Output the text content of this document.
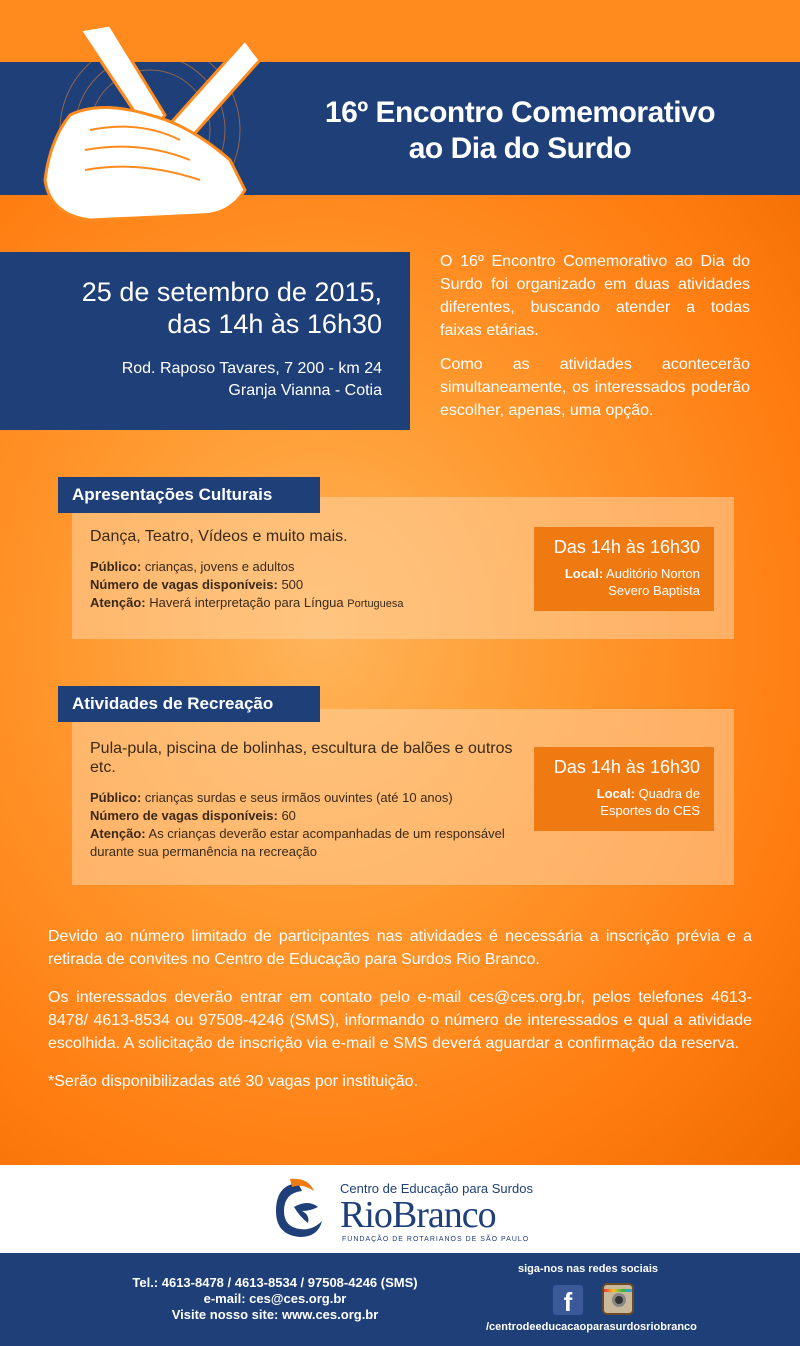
16º Encontro Comemorativo
ao Dia do Surdo
25 de setembro de 2015,
das 14h às 16h30
Rod. Raposo Tavares, 7 200 - km 24
Granja Vianna - Cotia

O 16º Encontro Comemorativo ao Dia do Surdo foi organizado em duas atividades diferentes, buscando atender a todas faixas etárias.

Como as atividades acontecerão simultaneamente, os interessados poderão escolher, apenas, uma opção.

Dança, Teatro, Vídeos e muito mais.
Público: crianças, jovens e adultos
Número de vagas disponíveis: 500
Atenção: Haverá interpretação para Língua Portuguesa
Apresentações Culturais
Das 14h às 16h30
Local: Auditório Norton
Severo Baptista
Pula-pula, piscina de bolinhas, escultura de balões e outros etc.
Público: crianças surdas e seus irmãos ouvintes (até 10 anos)
Número de vagas disponíveis: 60
Atenção: As crianças deverão estar acompanhadas de um responsável durante sua permanência na recreação
Atividades de Recreação
Das 14h às 16h30
Local: Quadra de
Esportes do CES

Devido ao número limitado de participantes nas atividades é necessária a inscrição prévia e a retirada de convites no Centro de Educação para Surdos Rio Branco.

Os interessados deverão entrar em contato pelo e-mail ces@ces.org.br, pelos telefones 4613-8478/ 4613-8534 ou 97508-4246 (SMS), informando o número de interessados e qual a atividade escolhida. A solicitação de inscrição via e-mail e SMS deverá aguardar a confirmação da reserva.

*Serão disponibilizadas até 30 vagas por instituição.

Centro de Educação para Surdos
RioBranco
FUNDAÇÃO DE ROTARIANOS DE SÃO PAULO
Tel.: 4613-8478 / 4613-8534 / 97508-4246 (SMS)
e-mail: ces@ces.org.br
Visite nosso site: www.ces.org.br
siga-nos nas redes sociais
f
/centrodeeducacaoparasurdosriobranco
